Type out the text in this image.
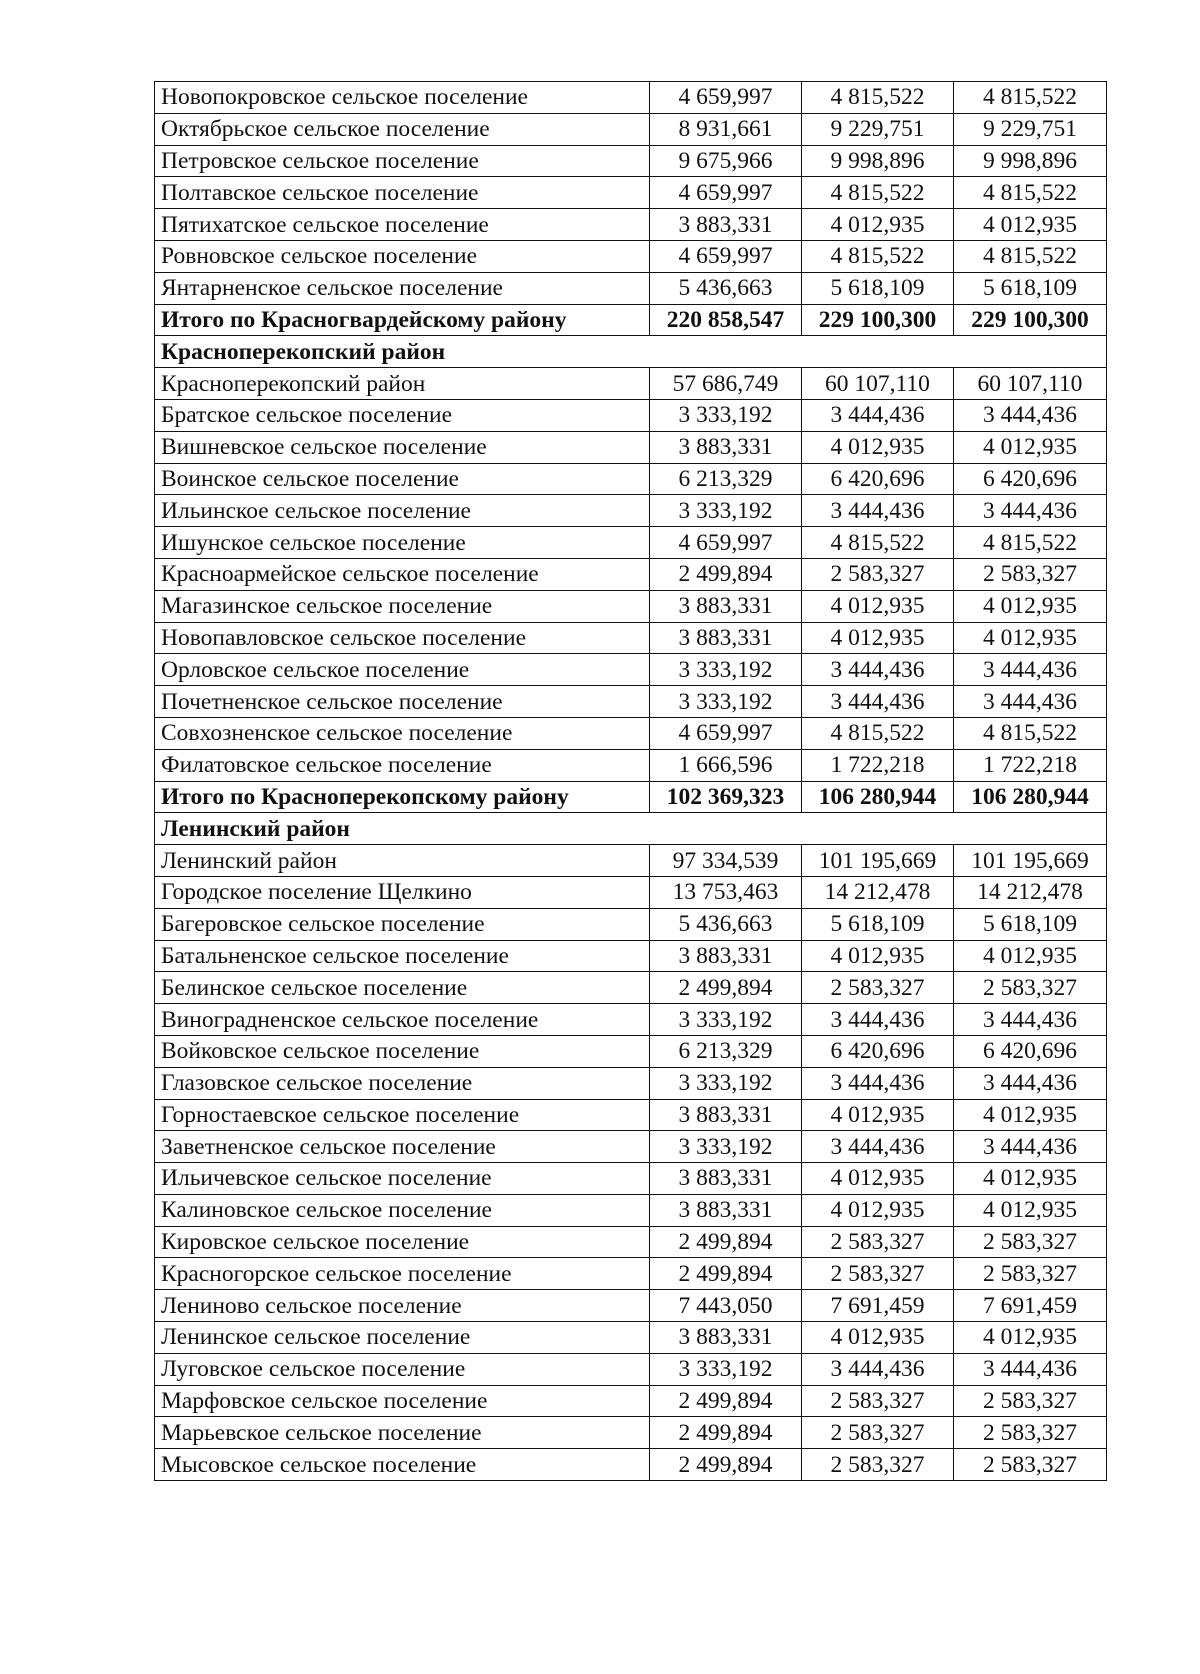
Новопокровское сельское поселение	4 659,997	4 815,522	4 815,522
Октябрьское сельское поселение	8 931,661	9 229,751	9 229,751
Петровское сельское поселение	9 675,966	9 998,896	9 998,896
Полтавское сельское поселение	4 659,997	4 815,522	4 815,522
Пятихатское сельское поселение	3 883,331	4 012,935	4 012,935
Ровновское сельское поселение	4 659,997	4 815,522	4 815,522
Янтарненское сельское поселение	5 436,663	5 618,109	5 618,109
Итого по Красногвардейскому району	220 858,547	229 100,300	229 100,300
Красноперекопский район			
Красноперекопский район	57 686,749	60 107,110	60 107,110
Братское сельское поселение	3 333,192	3 444,436	3 444,436
Вишневское сельское поселение	3 883,331	4 012,935	4 012,935
Воинское сельское поселение	6 213,329	6 420,696	6 420,696
Ильинское сельское поселение	3 333,192	3 444,436	3 444,436
Ишунское сельское поселение	4 659,997	4 815,522	4 815,522
Красноармейское сельское поселение	2 499,894	2 583,327	2 583,327
Магазинское сельское поселение	3 883,331	4 012,935	4 012,935
Новопавловское сельское поселение	3 883,331	4 012,935	4 012,935
Орловское сельское поселение	3 333,192	3 444,436	3 444,436
Почетненское сельское поселение	3 333,192	3 444,436	3 444,436
Совхозненское сельское поселение	4 659,997	4 815,522	4 815,522
Филатовское сельское поселение	1 666,596	1 722,218	1 722,218
Итого по Красноперекопскому району	102 369,323	106 280,944	106 280,944
Ленинский район			
Ленинский район	97 334,539	101 195,669	101 195,669
Городское поселение Щелкино	13 753,463	14 212,478	14 212,478
Багеровское сельское поселение	5 436,663	5 618,109	5 618,109
Батальненское сельское поселение	3 883,331	4 012,935	4 012,935
Белинское сельское поселение	2 499,894	2 583,327	2 583,327
Виноградненское сельское поселение	3 333,192	3 444,436	3 444,436
Войковское сельское поселение	6 213,329	6 420,696	6 420,696
Глазовское сельское поселение	3 333,192	3 444,436	3 444,436
Горностаевское сельское поселение	3 883,331	4 012,935	4 012,935
Заветненское сельское поселение	3 333,192	3 444,436	3 444,436
Ильичевское сельское поселение	3 883,331	4 012,935	4 012,935
Калиновское сельское поселение	3 883,331	4 012,935	4 012,935
Кировское сельское поселение	2 499,894	2 583,327	2 583,327
Красногорское сельское поселение	2 499,894	2 583,327	2 583,327
Лениново сельское поселение	7 443,050	7 691,459	7 691,459
Ленинское сельское поселение	3 883,331	4 012,935	4 012,935
Луговское сельское поселение	3 333,192	3 444,436	3 444,436
Марфовское сельское поселение	2 499,894	2 583,327	2 583,327
Марьевское сельское поселение	2 499,894	2 583,327	2 583,327
Мысовское сельское поселение	2 499,894	2 583,327	2 583,327
